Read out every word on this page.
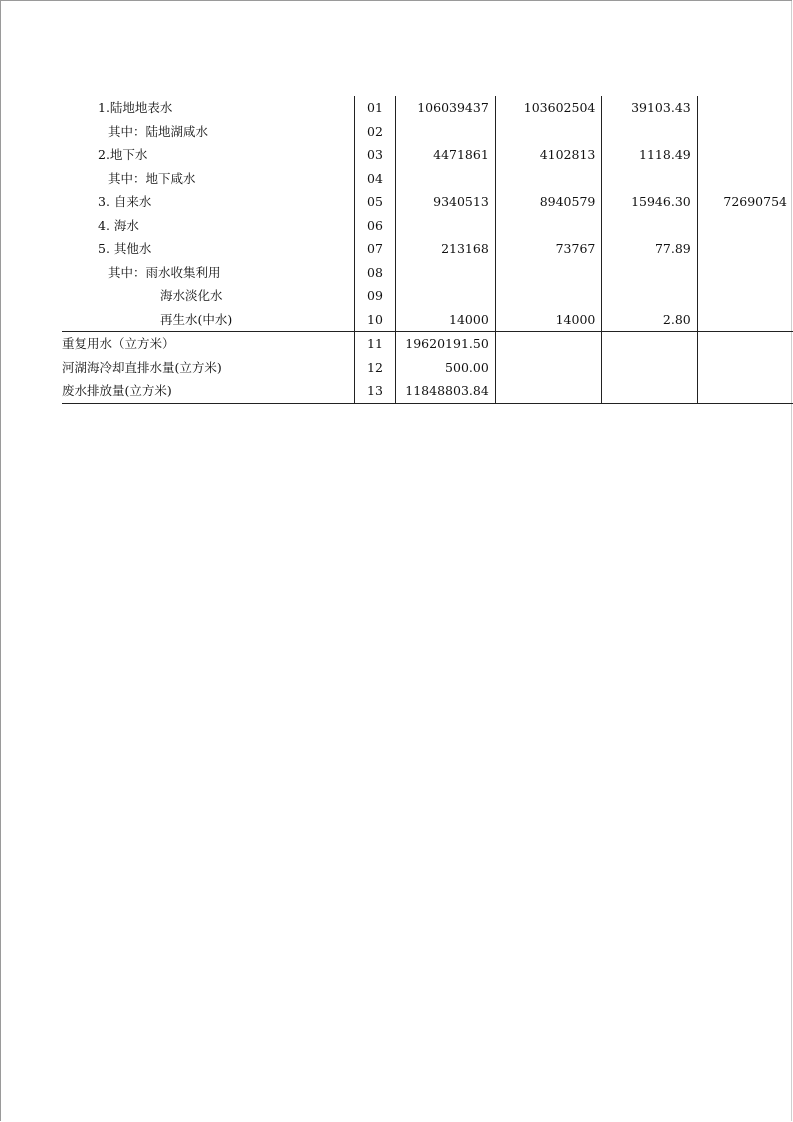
1.陆地地表水	01	106039437	103602504	39103.43	
其中：陆地湖咸水	02				
2.地下水	03	4471861	4102813	1118.49	
其中：地下咸水	04				
3. 自来水	05	9340513	8940579	15946.30	72690754
4. 海水	06				
5. 其他水	07	213168	73767	77.89	
其中：雨水收集利用	08				
海水淡化水	09				
再生水(中水)	10	14000	14000	2.80	
重复用水（立方米）	11	19620191.50			
河湖海冷却直排水量(立方米)	12	500.00			
废水排放量(立方米)	13	11848803.84			
